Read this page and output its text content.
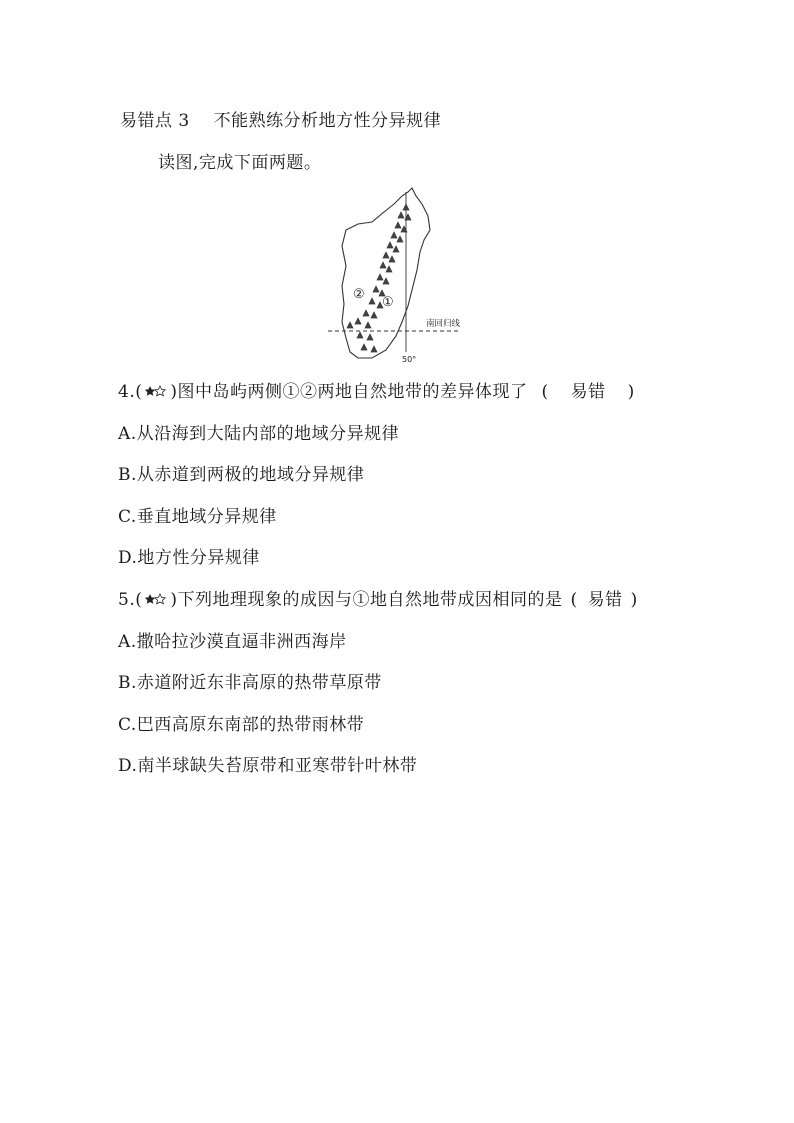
易错点 3 不能熟练分析地方性分异规律
读图,完成下面两题。
②
①
南回归线
50°
4.( )图中岛屿两侧①②两地自然地带的差异体现了 ( 易错 )
A.从沿海到大陆内部的地域分异规律
B.从赤道到两极的地域分异规律
C.垂直地域分异规律
D.地方性分异规律
5.( )下列地理现象的成因与①地自然地带成因相同的是 ( 易错 )
A.撒哈拉沙漠直逼非洲西海岸
B.赤道附近东非高原的热带草原带
C.巴西高原东南部的热带雨林带
D.南半球缺失苔原带和亚寒带针叶林带
